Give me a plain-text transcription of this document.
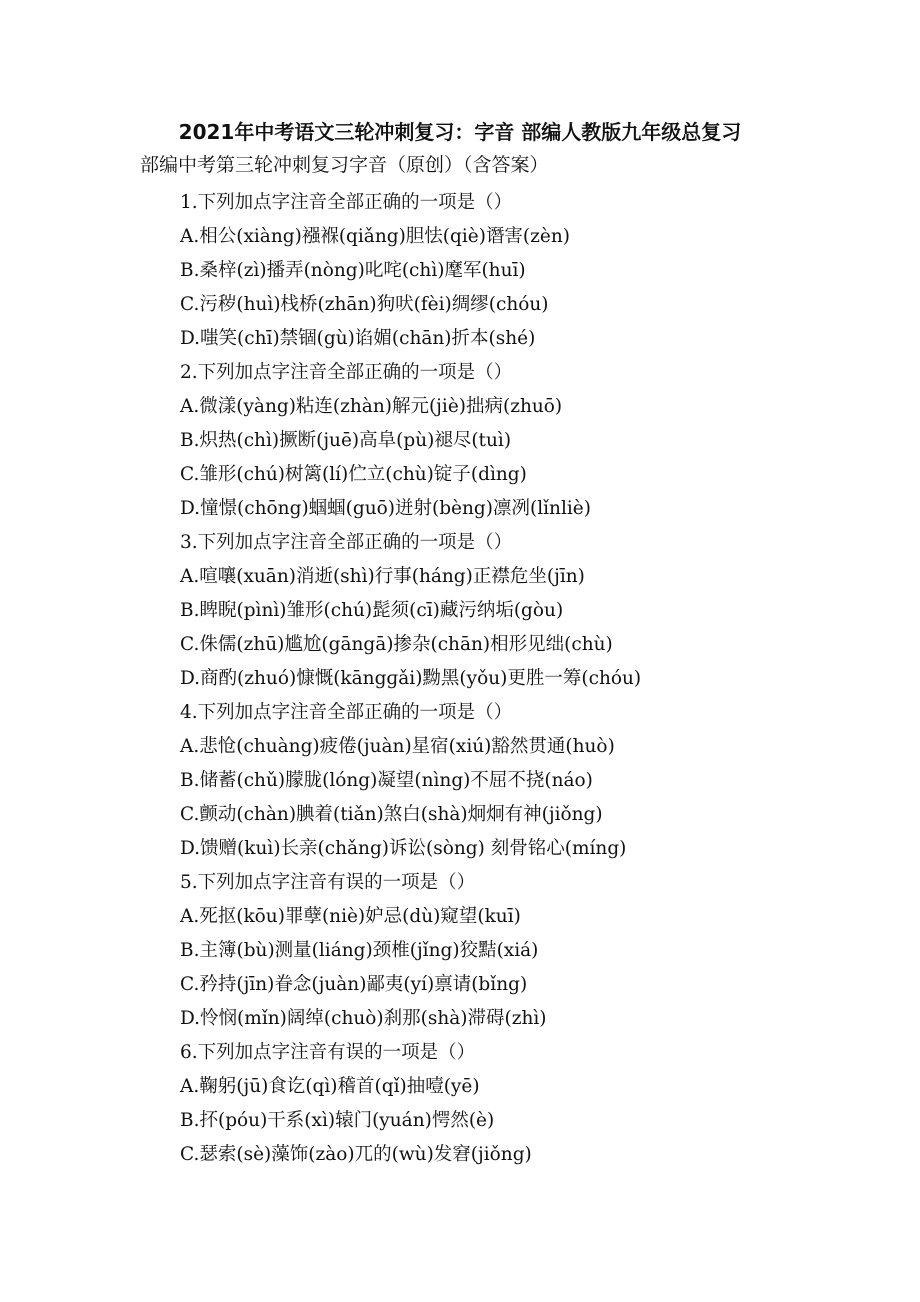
2021年中考语文三轮冲刺复习：字音 部编人教版九年级总复习
部编中考第三轮冲刺复习字音（原创）（含答案）
1.下列加点字注音全部正确的一项是（）
A.相公(xiàng)襁褓(qiǎng)胆怯(qiè)谮害(zèn)
B.桑梓(zì)播弄(nòng)叱咤(chì)麾军(huī)
C.污秽(huì)栈桥(zhān)狗吠(fèi)绸缪(chóu)
D.嗤笑(chī)禁锢(gù)谄媚(chān)折本(shé)
2.下列加点字注音全部正确的一项是（）
A.微漾(yàng)粘连(zhàn)解元(jiè)拙病(zhuō)
B.炽热(chì)撅断(juē)高阜(pù)褪尽(tuì)
C.雏形(chú)树篱(lí)伫立(chù)锭子(dìng)
D.憧憬(chōng)蝈蝈(guō)迸射(bèng)凛冽(lǐnliè)
3.下列加点字注音全部正确的一项是（）
A.喧嚷(xuān)消逝(shì)行事(háng)正襟危坐(jīn)
B.睥睨(pìnì)雏形(chú)髭须(cī)藏污纳垢(gòu)
C.侏儒(zhū)尴尬(gāngā)掺杂(chān)相形见绌(chù)
D.商酌(zhuó)慷慨(kāngɡǎi)黝黑(yǒu)更胜一筹(chóu)
4.下列加点字注音全部正确的一项是（）
A.悲怆(chuàng)疲倦(juàn)星宿(xiú)豁然贯通(huò)
B.储蓄(chǔ)朦胧(lóng)凝望(nìng)不屈不挠(náo)
C.颤动(chàn)腆着(tiǎn)煞白(shà)炯炯有神(jiǒng)
D.馈赠(kuì)长亲(chǎng)诉讼(sòng) 刻骨铭心(míng)
5.下列加点字注音有误的一项是（）
A.死抠(kōu)罪孽(niè)妒忌(dù)窥望(kuī)
B.主簿(bù)测量(liáng)颈椎(jǐng)狡黠(xiá)
C.矜持(jīn)眷念(juàn)鄙夷(yí)禀请(bǐng)
D.怜悯(mǐn)阔绰(chuò)刹那(shà)滞碍(zhì)
6.下列加点字注音有误的一项是（）
A.鞠躬(jū)食讫(qì)稽首(qǐ)抽噎(yē)
B.抔(póu)干系(xì)辕门(yuán)愕然(è)
C.瑟索(sè)藻饰(zào)兀的(wù)发窘(jiǒng)
